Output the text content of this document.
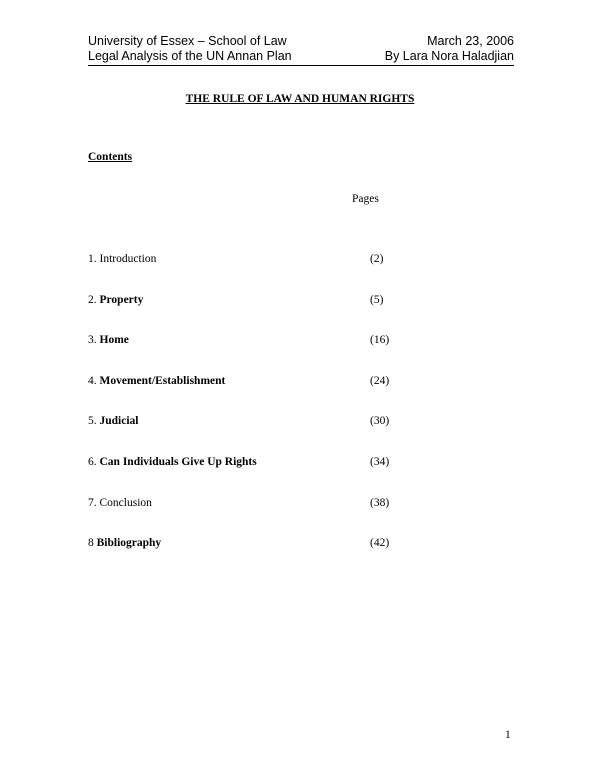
University of Essex – School of Law	March 23, 2006
Legal Analysis of the UN Annan Plan	By Lara Nora Haladjian
THE RULE OF LAW AND HUMAN RIGHTS
Contents
Pages
1. Introduction	(2)
2. Property	(5)
3. Home	(16)
4. Movement/Establishment	(24)
5. Judicial	(30)
6. Can Individuals Give Up Rights	(34)
7. Conclusion	(38)
8 Bibliography	(42)
1
